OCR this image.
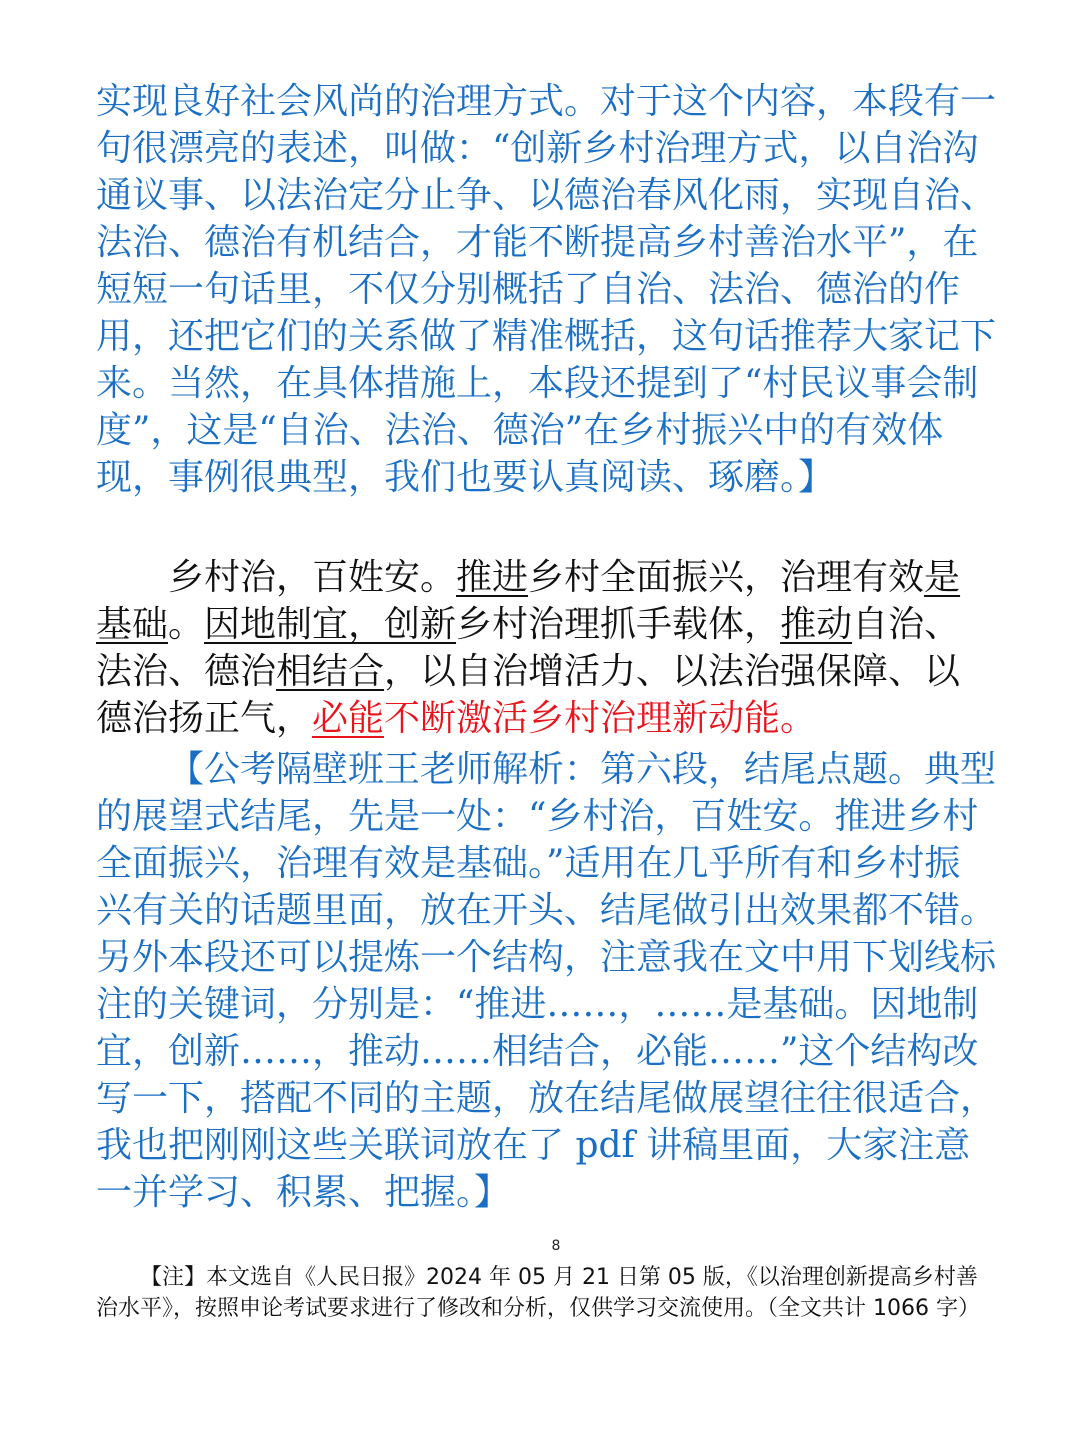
实现良好社会风尚的治理方式。对于这个内容，本段有一句很漂亮的表述，叫做：“创新乡村治理方式，以自治沟通议事、以法治定分止争、以德治春风化雨，实现自治、法治、德治有机结合，才能不断提高乡村善治水平”，在短短一句话里，不仅分别概括了自治、法治、德治的作用，还把它们的关系做了精准概括，这句话推荐大家记下来。当然，在具体措施上，本段还提到了“村民议事会制度”，这是“自治、法治、德治”在乡村振兴中的有效体现，事例很典型，我们也要认真阅读、琢磨。】

乡村治，百姓安。推进乡村全面振兴，治理有效是基础。因地制宜，创新乡村治理抓手载体，推动自治、法治、德治相结合，以自治增活力、以法治强保障、以德治扬正气，必能不断激活乡村治理新动能。

【公考隔壁班王老师解析：第六段，结尾点题。典型的展望式结尾，先是一处：“乡村治，百姓安。推进乡村全面振兴，治理有效是基础。”适用在几乎所有和乡村振兴有关的话题里面，放在开头、结尾做引出效果都不错。另外本段还可以提炼一个结构，注意我在文中用下划线标注的关键词，分别是：“推进……，……是基础。因地制宜，创新……，推动……相结合，必能……”这个结构改写一下，搭配不同的主题，放在结尾做展望往往很适合，我也把刚刚这些关联词放在了 pdf 讲稿里面，大家注意一并学习、积累、把握。】

8
【注】本文选自《人民日报》2024 年 05 月 21 日第 05 版，《以治理创新提高乡村善治水平》，按照申论考试要求进行了修改和分析，仅供学习交流使用。（全文共计 1066 字）
